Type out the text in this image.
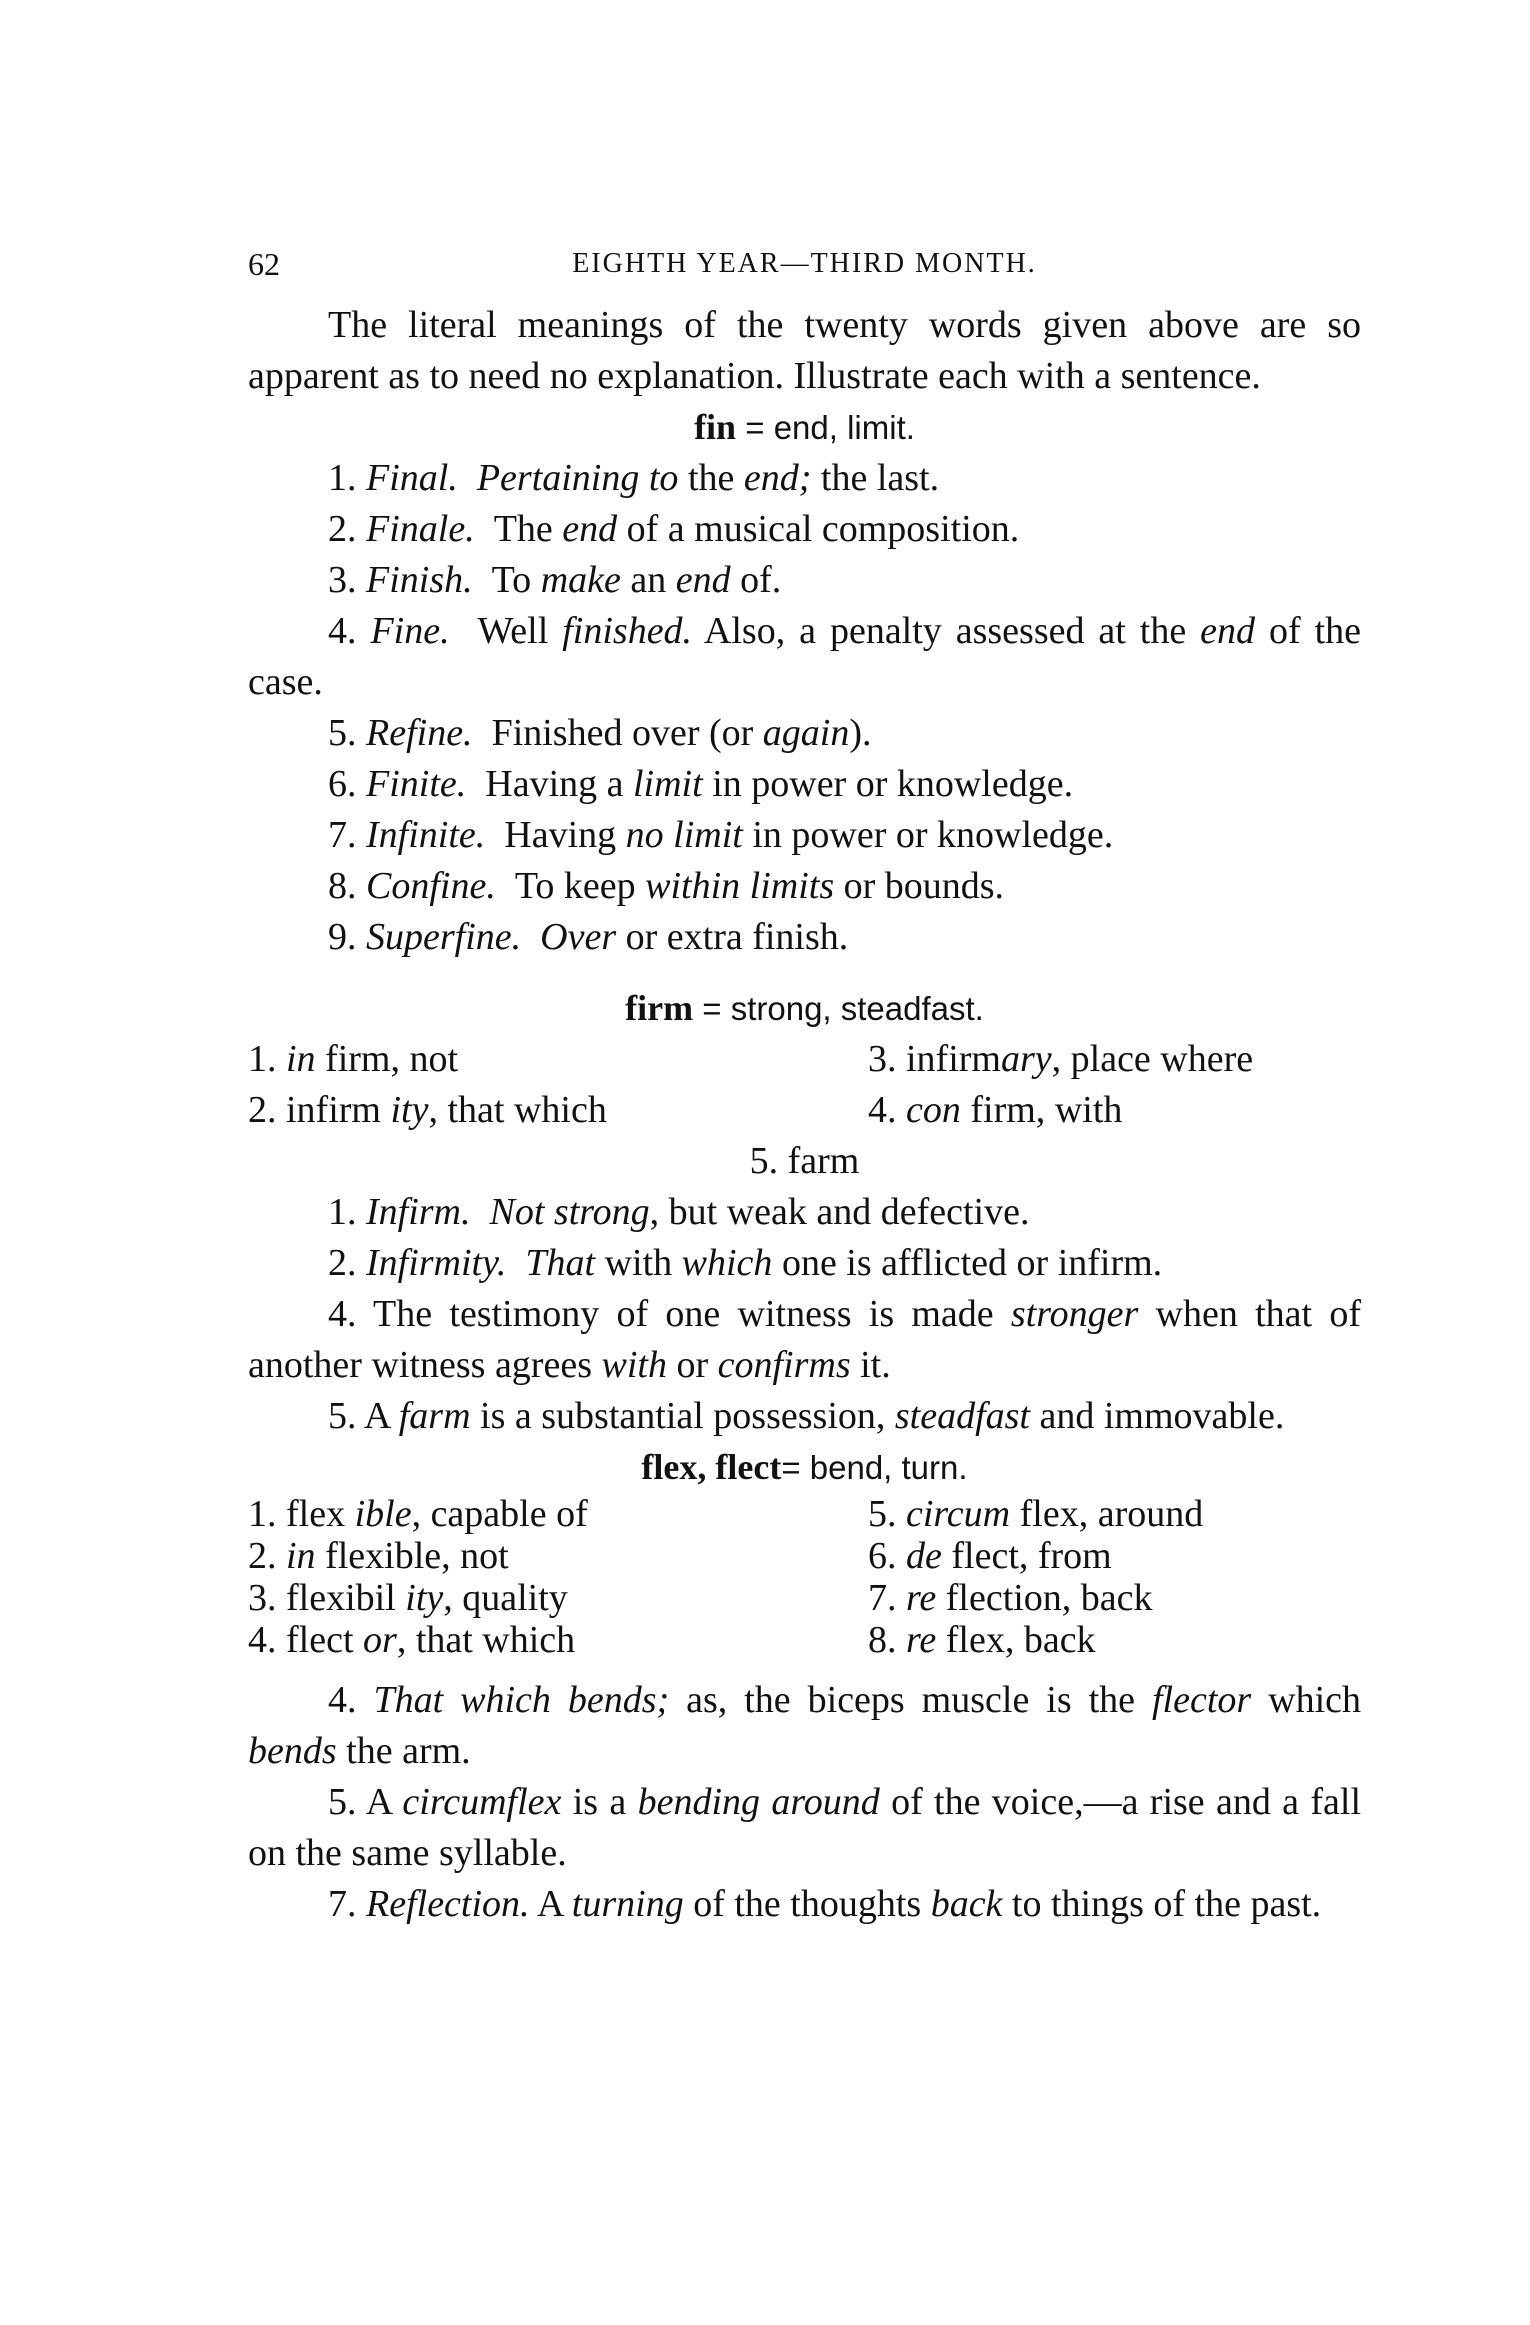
62	EIGHTH YEAR—THIRD MONTH.

The literal meanings of the twenty words given above are so apparent as to need no explanation. Illustrate each with a sentence.

fin = end, limit.

1. Final. Pertaining to the end; the last.

2. Finale. The end of a musical composition.

3. Finish. To make an end of.

4. Fine. Well finished. Also, a penalty assessed at the end of the case.

5. Refine. Finished over (or again).

6. Finite. Having a limit in power or knowledge.

7. Infinite. Having no limit in power or knowledge.

8. Confine. To keep within limits or bounds.

9. Superfine. Over or extra finish.

firm = strong, steadfast.

1. in firm, not	3. infirmary, place where
2. infirm ity, that which	4. con firm, with

5. farm

1. Infirm. Not strong, but weak and defective.

2. Infirmity. That with which one is afflicted or infirm.

4. The testimony of one witness is made stronger when that of another witness agrees with or confirms it.

5. A farm is a substantial possession, steadfast and immovable.

flex, flect= bend, turn.

1. flex ible, capable of	5. circum flex, around
2. in flexible, not	6. de flect, from
3. flexibil ity, quality	7. re flection, back
4. flect or, that which	8. re flex, back

4. That which bends; as, the biceps muscle is the flector which bends the arm.

5. A circumflex is a bending around of the voice,—a rise and a fall on the same syllable.

7. Reflection. A turning of the thoughts back to things of the past.
